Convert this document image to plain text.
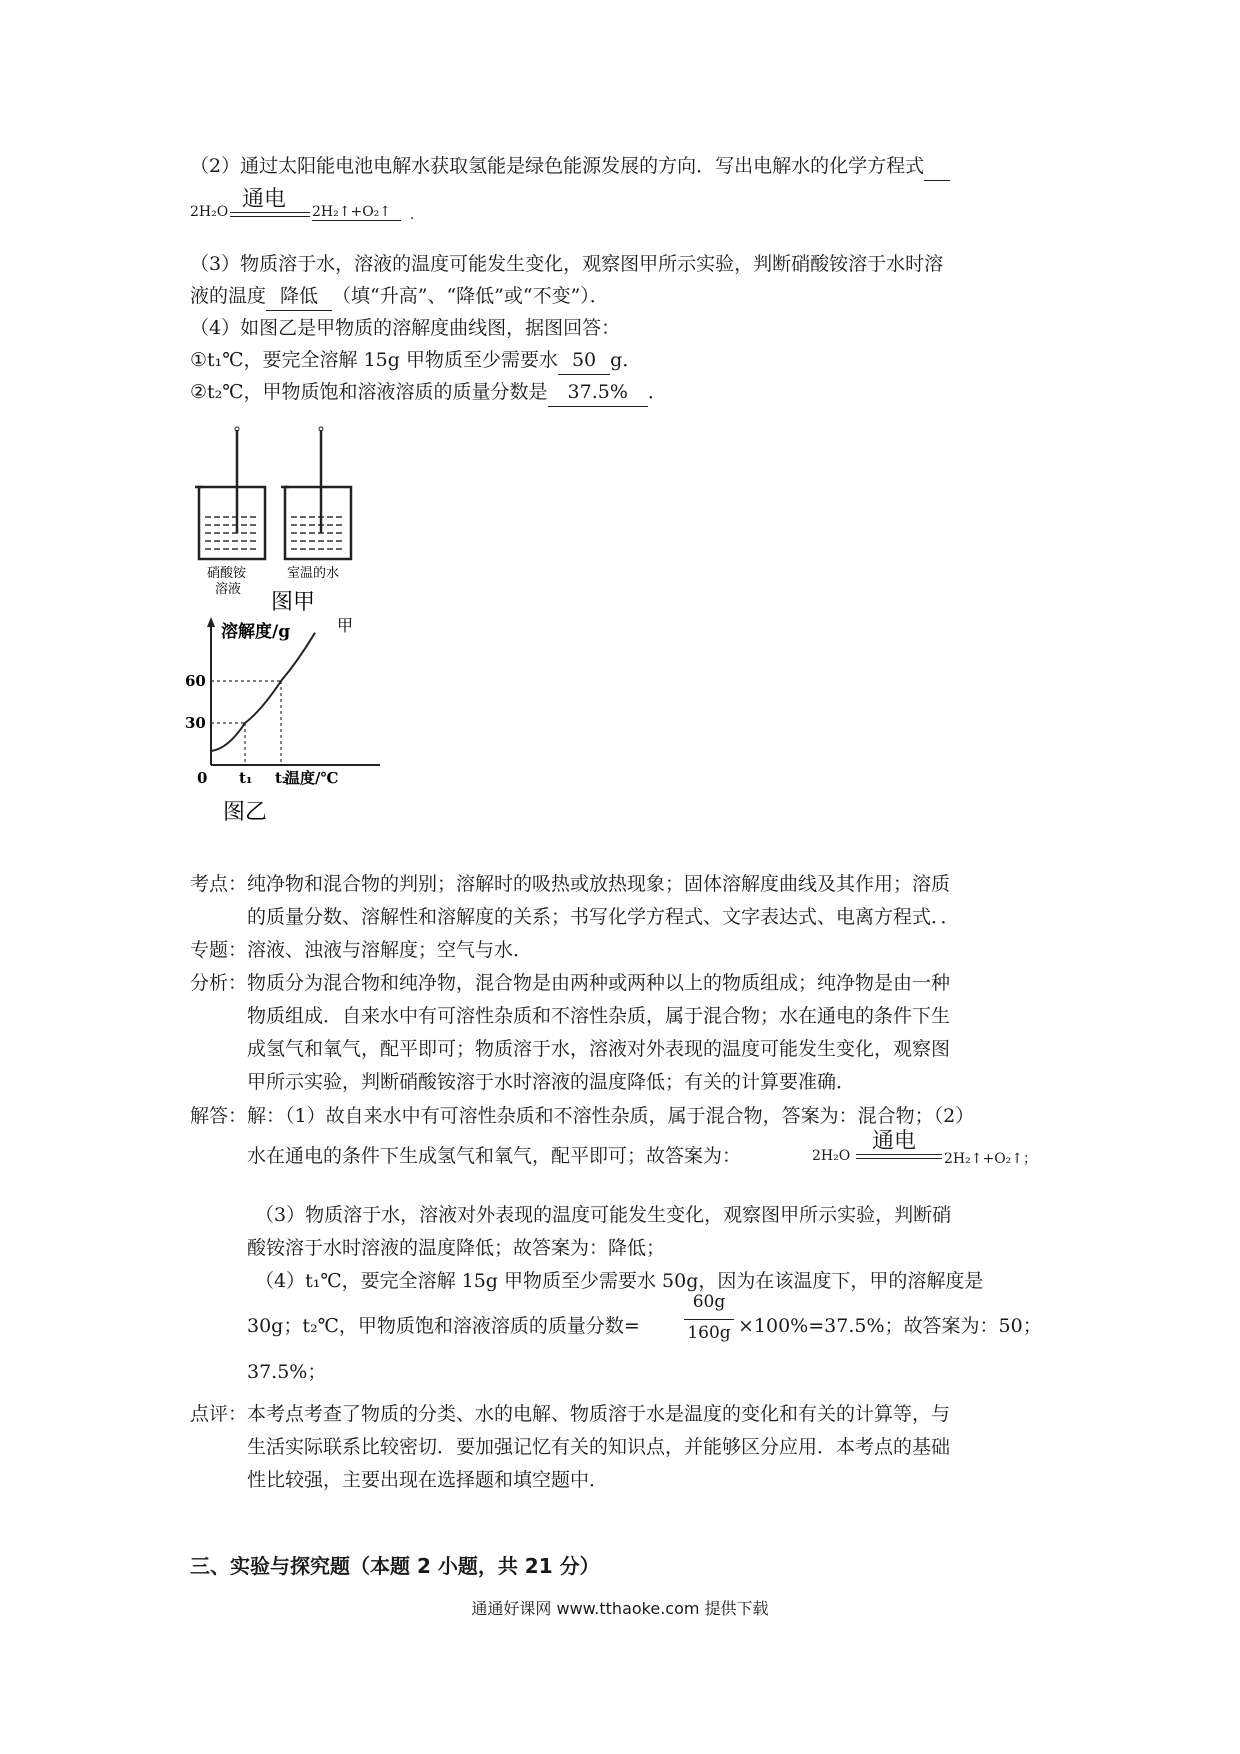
（2）通过太阳能电池电解水获取氢能是绿色能源发展的方向．写出电解水的化学方程式
2H₂O 通电 2H₂↑+O₂↑	．
（3）物质溶于水，溶液的温度可能发生变化，观察图甲所示实验，判断硝酸铵溶于水时溶
液的温度 降低 （填“升高”、“降低”或“不变”）．
（4）如图乙是甲物质的溶解度曲线图，据图回答：
①t₁℃，要完全溶解 15g 甲物质至少需要水 50 g．
②t₂℃，甲物质饱和溶液溶质的质量分数是 37.5% ．
硝酸铵
溶液
室温的水
图甲
溶解度/g	甲
0
30
60
t₁ t₂
温度/℃
图乙
考点： 纯净物和混合物的判别；溶解时的吸热或放热现象；固体溶解度曲线及其作用；溶质
的质量分数、溶解性和溶解度的关系；书写化学方程式、文字表达式、电离方程式．．
专题： 溶液、浊液与溶解度；空气与水．
分析： 物质分为混合物和纯净物，混合物是由两种或两种以上的物质组成；纯净物是由一种
物质组成．自来水中有可溶性杂质和不溶性杂质，属于混合物；水在通电的条件下生
成氢气和氧气，配平即可；物质溶于水，溶液对外表现的温度可能发生变化，观察图
甲所示实验，判断硝酸铵溶于水时溶液的温度降低；有关的计算要准确．
解答： 解：（1）故自来水中有可溶性杂质和不溶性杂质，属于混合物，答案为：混合物；（2）
水在通电的条件下生成氢气和氧气，配平即可；故答案为：	2H₂O
通电
2H₂↑+O₂↑；
（3）物质溶于水，溶液对外表现的温度可能发生变化，观察图甲所示实验，判断硝
酸铵溶于水时溶液的温度降低；故答案为：降低；
（4）t₁℃，要完全溶解 15g 甲物质至少需要水 50g，因为在该温度下，甲的溶解度是
30g；t₂℃，甲物质饱和溶液溶质的质量分数=
60g
160g ×100%=37.5%；故答案为：50；
37.5%；
点评： 本考点考查了物质的分类、水的电解、物质溶于水是温度的变化和有关的计算等，与
生活实际联系比较密切．要加强记忆有关的知识点，并能够区分应用．本考点的基础
性比较强，主要出现在选择题和填空题中．
三、实验与探究题（本题 2 小题，共 21 分）
通通好课网 www.tthaoke.com 提供下载
